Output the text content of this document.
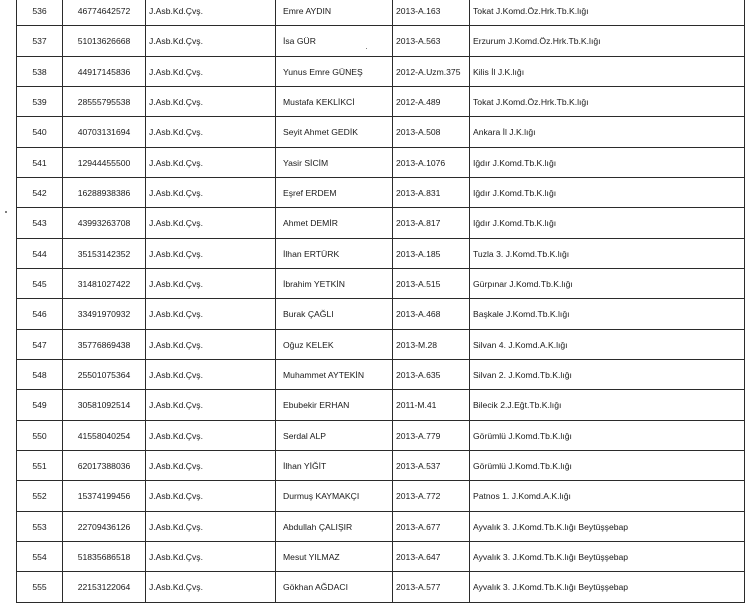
536	46774642572	J.Asb.Kd.Çvş.	Emre AYDIN	2013-A.163	Tokat J.Komd.Öz.Hrk.Tb.K.lığı
537	51013626668	J.Asb.Kd.Çvş.	İsa GÜR	2013-A.563	Erzurum J.Komd.Öz.Hrk.Tb.K.lığı
538	44917145836	J.Asb.Kd.Çvş.	Yunus Emre GÜNEŞ	2012-A.Uzm.375	Kilis İl J.K.lığı
539	28555795538	J.Asb.Kd.Çvş.	Mustafa KEKLİKCİ	2012-A.489	Tokat J.Komd.Öz.Hrk.Tb.K.lığı
540	40703131694	J.Asb.Kd.Çvş.	Seyit Ahmet GEDİK	2013-A.508	Ankara İl J.K.lığı
541	12944455500	J.Asb.Kd.Çvş.	Yasir SİCİM	2013-A.1076	Iğdır J.Komd.Tb.K.lığı
542	16288938386	J.Asb.Kd.Çvş.	Eşref ERDEM	2013-A.831	Iğdır J.Komd.Tb.K.lığı
543	43993263708	J.Asb.Kd.Çvş.	Ahmet DEMİR	2013-A.817	Iğdır J.Komd.Tb.K.lığı
544	35153142352	J.Asb.Kd.Çvş.	İlhan ERTÜRK	2013-A.185	Tuzla 3. J.Komd.Tb.K.lığı
545	31481027422	J.Asb.Kd.Çvş.	İbrahim YETKİN	2013-A.515	Gürpınar J.Komd.Tb.K.lığı
546	33491970932	J.Asb.Kd.Çvş.	Burak ÇAĞLI	2013-A.468	Başkale J.Komd.Tb.K.lığı
547	35776869438	J.Asb.Kd.Çvş.	Oğuz KELEK	2013-M.28	Silvan 4. J.Komd.A.K.lığı
548	25501075364	J.Asb.Kd.Çvş.	Muhammet AYTEKİN	2013-A.635	Silvan 2. J.Komd.Tb.K.lığı
549	30581092514	J.Asb.Kd.Çvş.	Ebubekir ERHAN	2011-M.41	Bilecik 2.J.Eğt.Tb.K.lığı
550	41558040254	J.Asb.Kd.Çvş.	Serdal ALP	2013-A.779	Görümlü J.Komd.Tb.K.lığı
551	62017388036	J.Asb.Kd.Çvş.	İlhan YİĞİT	2013-A.537	Görümlü J.Komd.Tb.K.lığı
552	15374199456	J.Asb.Kd.Çvş.	Durmuş KAYMAKÇI	2013-A.772	Patnos 1. J.Komd.A.K.lığı
553	22709436126	J.Asb.Kd.Çvş.	Abdullah ÇALIŞIR	2013-A.677	Ayvalık 3. J.Komd.Tb.K.lığı Beytüşşebap
554	51835686518	J.Asb.Kd.Çvş.	Mesut YILMAZ	2013-A.647	Ayvalık 3. J.Komd.Tb.K.lığı Beytüşşebap
555	22153122064	J.Asb.Kd.Çvş.	Gökhan AĞDACI	2013-A.577	Ayvalık 3. J.Komd.Tb.K.lığı Beytüşşebap
